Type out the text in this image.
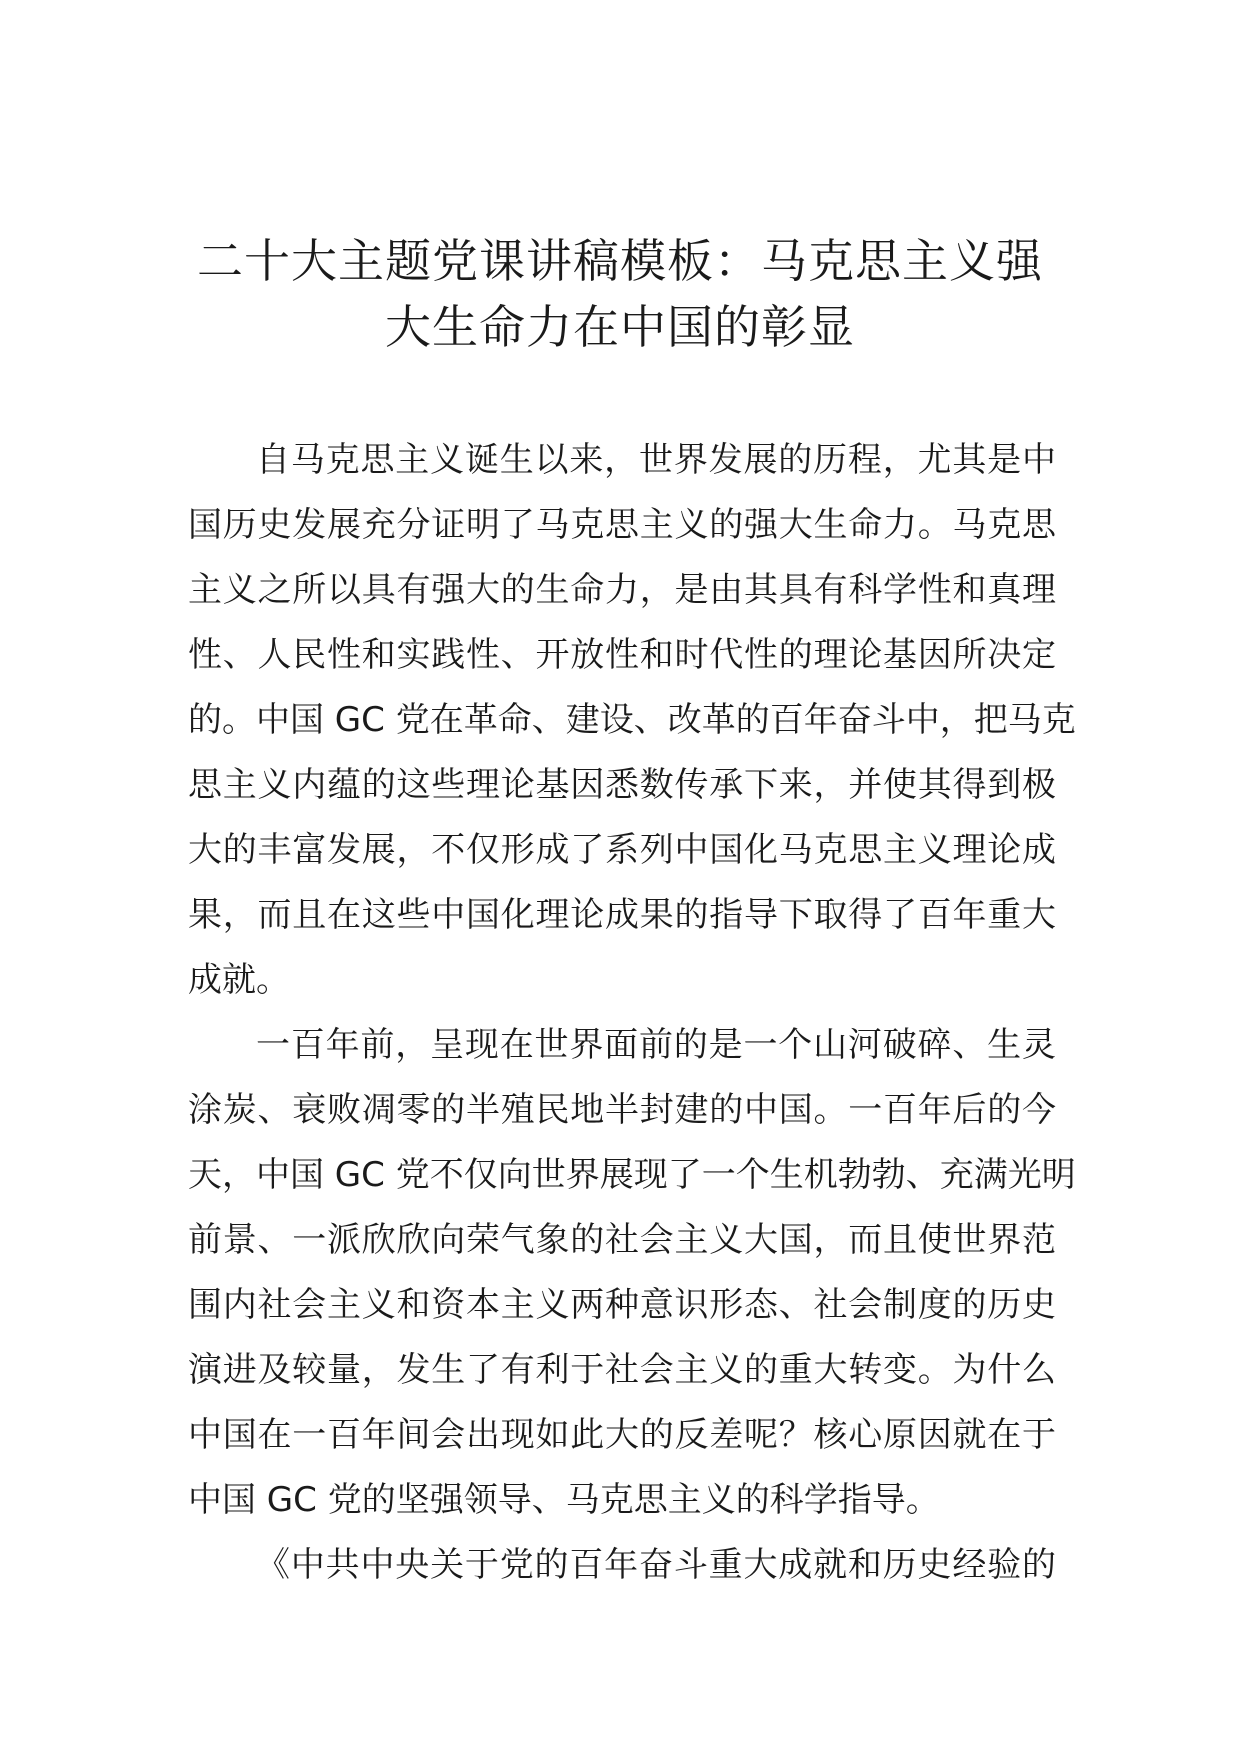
二十大主题党课讲稿模板：马克思主义强
大生命力在中国的彰显

自马克思主义诞生以来，世界发展的历程，尤其是中
国历史发展充分证明了马克思主义的强大生命力。马克思
主义之所以具有强大的生命力，是由其具有科学性和真理
性、人民性和实践性、开放性和时代性的理论基因所决定
的。中国 GC 党在革命、建设、改革的百年奋斗中，把马克
思主义内蕴的这些理论基因悉数传承下来，并使其得到极
大的丰富发展，不仅形成了系列中国化马克思主义理论成
果，而且在这些中国化理论成果的指导下取得了百年重大
成就。

一百年前，呈现在世界面前的是一个山河破碎、生灵
涂炭、衰败凋零的半殖民地半封建的中国。一百年后的今
天，中国 GC 党不仅向世界展现了一个生机勃勃、充满光明
前景、一派欣欣向荣气象的社会主义大国，而且使世界范
围内社会主义和资本主义两种意识形态、社会制度的历史
演进及较量，发生了有利于社会主义的重大转变。为什么
中国在一百年间会出现如此大的反差呢？核心原因就在于
中国 GC 党的坚强领导、马克思主义的科学指导。

《中共中央关于党的百年奋斗重大成就和历史经验的
